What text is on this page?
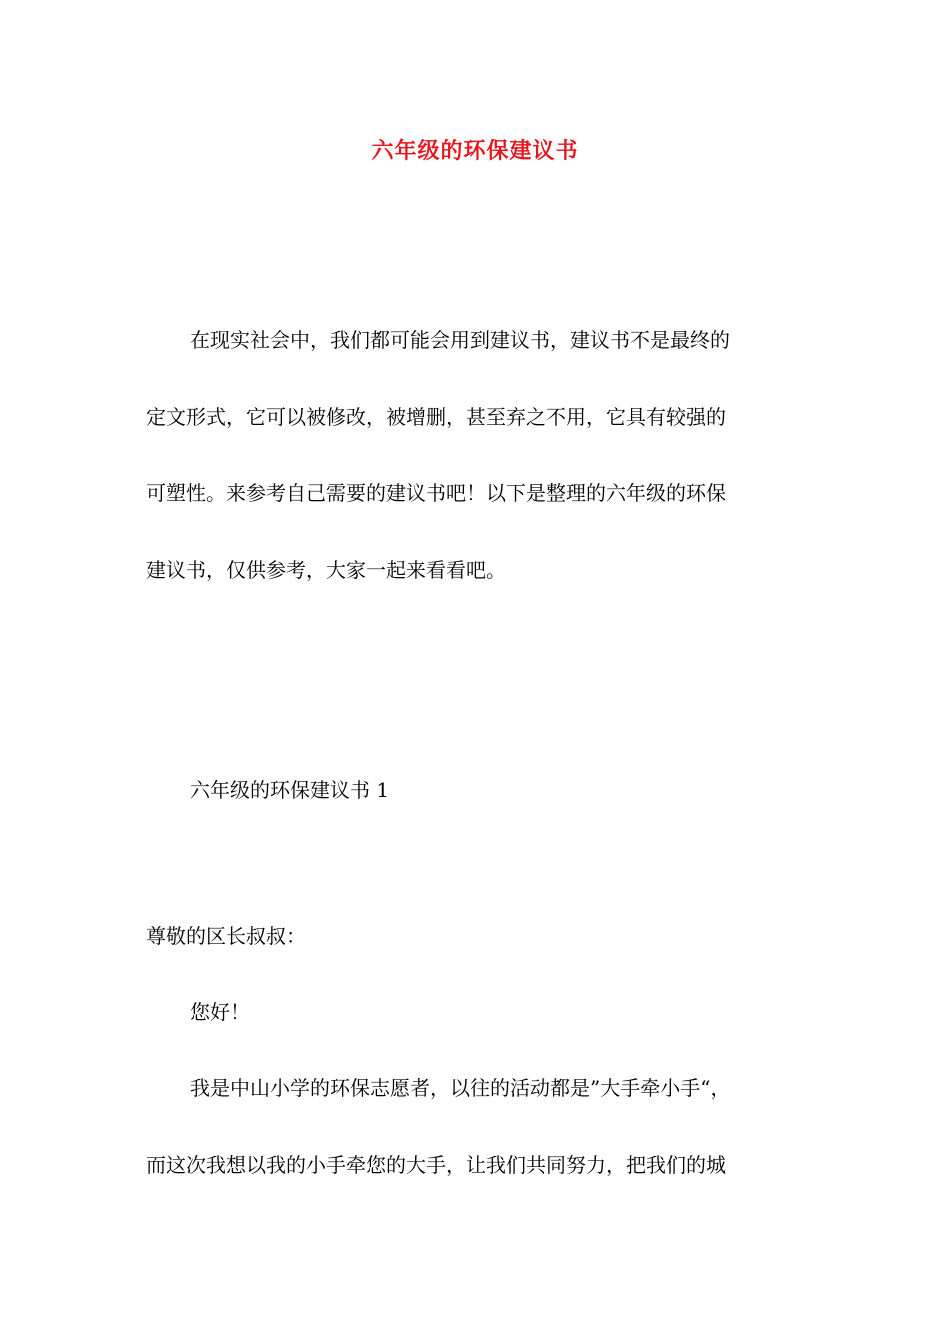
六年级的环保建议书
在现实社会中，我们都可能会用到建议书，建议书不是最终的
定文形式，它可以被修改，被增删，甚至弃之不用，它具有较强的
可塑性。来参考自己需要的建议书吧！以下是整理的六年级的环保
建议书，仅供参考，大家一起来看看吧。
六年级的环保建议书 1
尊敬的区长叔叔：
您好！
我是中山小学的环保志愿者，以往的活动都是”大手牵小手“，
而这次我想以我的小手牵您的大手，让我们共同努力，把我们的城
